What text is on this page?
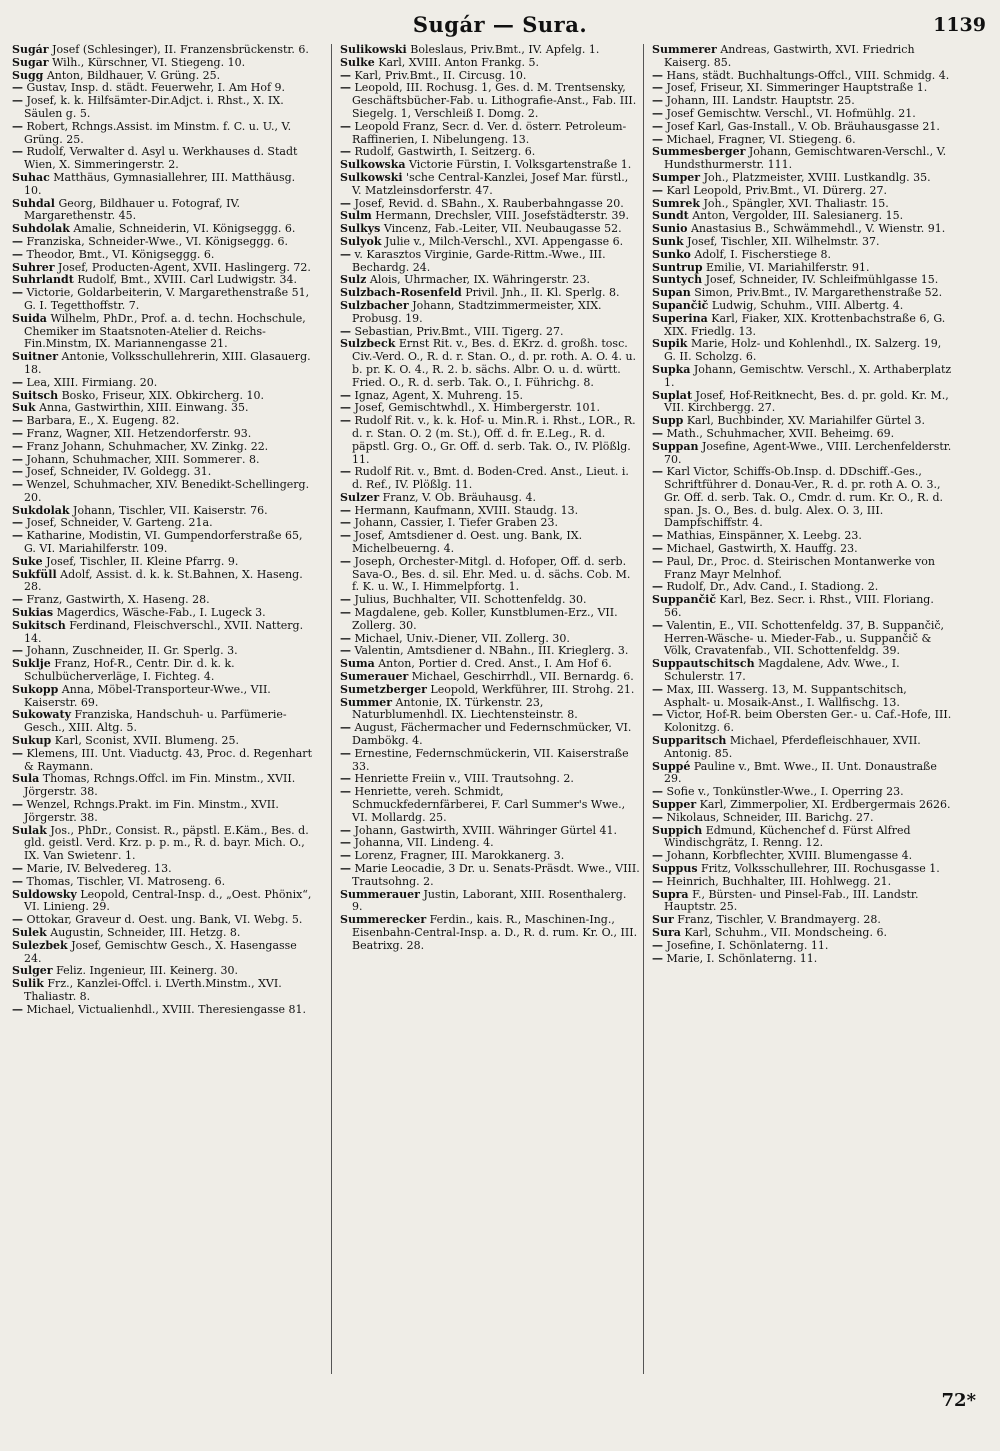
Sugár — Sura.	1139

Sugár Josef (Schlesinger), II. Franzensbrückenstr. 6.

Sugar Wilh., Kürschner, VI. Stiegeng. 10.

Sugg Anton, Bildhauer, V. Grüng. 25.

— Gustav, Insp. d. städt. Feuerwehr, I. Am Hof 9.

— Josef, k. k. Hilfsämter-Dir.Adjct. i. Rhst., X. IX. Säulen g. 5.

— Robert, Rchngs.Assist. im Minstm. f. C. u. U., V. Grüng. 25.

— Rudolf, Verwalter d. Asyl u. Werkhauses d. Stadt Wien, X. Simmeringerstr. 2.

Suhac Matthäus, Gymnasiallehrer, III. Matthäusg. 10.

Suhdal Georg, Bildhauer u. Fotograf, IV. Margarethenstr. 45.

Suhdolak Amalie, Schneiderin, VI. Königseggg. 6.

— Franziska, Schneider-Wwe., VI. Königseggg. 6.

— Theodor, Bmt., VI. Königseggg. 6.

Suhrer Josef, Producten-Agent, XVII. Haslingerg. 72.

Suhrlandt Rudolf, Bmt., XVIII. Carl Ludwigstr. 34.

— Victorie, Goldarbeiterin, V. Margarethenstraße 51, G. I. Tegetthoffstr. 7.

Suida Wilhelm, PhDr., Prof. a. d. techn. Hochschule, Chemiker im Staatsnoten-Atelier d. Reichs-Fin.Minstm, IX. Mariannengasse 21.

Suitner Antonie, Volksschullehrerin, XIII. Glasauerg. 18.

— Lea, XIII. Firmiang. 20.

Suitsch Bosko, Friseur, XIX. Obkircherg. 10.

Suk Anna, Gastwirthin, XIII. Einwang. 35.

— Barbara, E., X. Eugeng. 82.

— Franz, Wagner, XII. Hetzendorferstr. 93.

— Franz Johann, Schuhmacher, XV. Zinkg. 22.

— Johann, Schuhmacher, XIII. Sommerег. 8.

— Josef, Schneider, IV. Goldegg. 31.

— Wenzel, Schuhmacher, XIV. Benedikt-Schellingerg. 20.

Sukdolak Johann, Tischler, VII. Kaiserstr. 76.

— Josef, Schneider, V. Garteng. 21a.

— Katharine, Modistin, VI. Gumpendorferstraße 65, G. VI. Mariahilferstr. 109.

Suke Josef, Tischler, II. Kleine Pfarrg. 9.

Sukfüll Adolf, Assist. d. k. k. St.Bahnen, X. Haseng. 28.

— Franz, Gastwirth, X. Haseng. 28.

Sukias Magerdics, Wäsche-Fab., I. Lugeck 3.

Sukitsch Ferdinand, Fleischverschl., XVII. Natterg. 14.

— Johann, Zuschneider, II. Gr. Sperlg. 3.

Suklje Franz, Hof-R., Centr. Dir. d. k. k. Schulbücherverläge, I. Fichteg. 4.

Sukopp Anna, Möbel-Transporteur-Wwe., VII. Kaiserstr. 69.

Sukowaty Franziska, Handschuh- u. Parfümerie-Gesch., XIII. Altg. 5.

Sukup Karl, Sconist, XVII. Blumeng. 25.

— Klemens, III. Unt. Viaductg. 43, Proc. d. Regenhart & Raymann.

Sula Thomas, Rchngs.Offcl. im Fin. Minstm., XVII. Jörgerstr. 38.

— Wenzel, Rchngs.Prakt. im Fin. Minstm., XVII. Jörgerstr. 38.

Sulak Jos., PhDr., Consist. R., päpstl. E.Käm., Bes. d. gld. geistl. Verd. Krz. p. p. m., R. d. bayr. Mich. O., IX. Van Swietenг. 1.

— Marie, IV. Belvedereg. 13.

— Thomas, Tischler, VI. Matrosеng. 6.

Suldowsky Leopold, Central-Insp. d., „Oest. Phönix“, VI. Linieng. 29.

— Ottokar, Graveur d. Oest. ung. Bank, VI. Webg. 5.

Sulek Augustin, Schneider, III. Hetzg. 8.

Sulezbek Josef, Gemischtw Gesch., X. Hasengasse 24.

Sulger Feliz. Ingenieur, III. Keinerg. 30.

Sulik Frz., Kanzlei-Offcl. i. LVerth.Minstm., XVI. Thaliastr. 8.

— Michael, Victualienhdl., XVIII. Theresiengasse 81.

Sulikowski Boleslaus, Priv.Bmt., IV. Apfelg. 1.

Sulke Karl, XVIII. Anton Frankg. 5.

— Karl, Priv.Bmt., II. Circusg. 10.

— Leopold, III. Rochusg. 1, Ges. d. M. Trentsensky, Geschäftsbücher-Fab. u. Lithografie-Anst., Fab. III. Siegelg. 1, Verschleiß I. Domg. 2.

— Leopold Franz, Secr. d. Ver. d. österr. Petroleum-Raffinerien, I. Nibelungeng. 13.

— Rudolf, Gastwirth, I. Seitzerg. 6.

Sulkowska Victorie Fürstin, I. Volksgartenstraße 1.

Sulkowski 'sche Central-Kanzlei, Josef Mar. fürstl., V. Matzleinsdorferstr. 47.

— Josef, Revid. d. SBahn., X. Rauberbahngasse 20.

Sulm Hermann, Drechsler, VIII. Josefstädterstr. 39.

Sulkys Vincenz, Fab.-Leiter, VII. Neubaugasse 52.

Sulyok Julie v., Milch-Verschl., XVI. Appengasse 6.

— v. Karasztos Virginie, Garde-Rittm.-Wwe., III. Bechardg. 24.

Sulz Alois, Uhrmacher, IX. Währingerstr. 23.

Sulzbach-Rosenfeld Privil. Jnh., II. Kl. Sperlg. 8.

Sulzbacher Johann, Stadtzimmermeister, XIX. Probusg. 19.

— Sebastian, Priv.Bmt., VIII. Tigerg. 27.

Sulzbeck Ernst Rit. v., Bes. d. EKrz. d. großh. tosc. Civ.-Verd. O., R. d. r. Stan. O., d. pr. roth. A. O. 4. u. b. pr. K. O. 4., R. 2. b. sächs. Albr. O. u. d. württ. Fried. O., R. d. serb. Tak. O., I. Führichg. 8.

— Ignaz, Agent, X. Muhreng. 15.

— Josef, Gemischtwhdl., X. Himbergerstr. 101.

— Rudolf Rit. v., k. k. Hof- u. Min.R. i. Rhst., LOR., R. d. r. Stan. O. 2 (m. St.), Off. d. fr. E.Leg., R. d. päpstl. Grg. O., Gr. Off. d. serb. Tak. O., IV. Plößlg. 11.

— Rudolf Rit. v., Bmt. d. Boden-Cred. Anst., Lieut. i. d. Ref., IV. Plößlg. 11.

Sulzer Franz, V. Ob. Bräuhausg. 4.

— Hermann, Kaufmann, XVIII. Staudg. 13.

— Johann, Cassier, I. Tiefer Graben 23.

— Josef, Amtsdiener d. Oest. ung. Bank, IX. Michelbeuerng. 4.

— Joseph, Orchester-Mitgl. d. Hofoper, Off. d. serb. Sava-O., Bes. d. sil. Ehr. Med. u. d. sächs. Cob. M. f. K. u. W., I. Himmelpfortg. 1.

— Julius, Buchhalter, VII. Schottenfeldg. 30.

— Magdalene, geb. Koller, Kunstblumen-Erz., VII. Zollerg. 30.

— Michael, Univ.-Diener, VII. Zollerg. 30.

— Valentin, Amtsdiener d. NBahn., III. Krieglerg. 3.

Suma Anton, Portier d. Cred. Anst., I. Am Hof 6.

Sumerauer Michael, Geschirrhdl., VII. Bernardg. 6.

Sumetzberger Leopold, Werkführer, III. Strohg. 21.

Summer Antonie, IX. Türkenstr. 23, Naturblumenhdl. IX. Liechtensteinstr. 8.

— August, Fächermacher und Federnschmücker, VI. Dambökg. 4.

— Ernestine, Federnschmückerin, VII. Kaiserstraße 33.

— Henriette Freiin v., VIII. Trautsohng. 2.

— Henriette, vereh. Schmidt, Schmuckfedernfärberei, F. Carl Summer's Wwe., VI. Mollardg. 25.

— Johann, Gastwirth, XVIII. Währinger Gürtel 41.

— Johanna, VII. Lindeng. 4.

— Lorenz, Fragner, III. Marokkanerg. 3.

— Marie Leocadie, 3 Dr. u. Senats-Präsdt. Wwe., VIII. Trautsohng. 2.

Summerauer Justin, Laborant, XIII. Rosenthalerg. 9.

Summerecker Ferdin., kais. R., Maschinen-Ing., Eisenbahn-Central-Insp. a. D., R. d. rum. Kr. O., III. Beatrixg. 28.

Summerer Andreas, Gastwirth, XVI. Friedrich Kaiserg. 85.

— Hans, städt. Buchhaltungs-Offcl., VIII. Schmidg. 4.

— Josef, Friseur, XI. Simmeringer Hauptstraße 1.

— Johann, III. Landstr. Hauptstr. 25.

— Josef Gemischtw. Verschl., VI. Hofmühlg. 21.

— Josef Karl, Gas-Install., V. Ob. Bräuhausgasse 21.

— Michael, Fragner, VI. Stiegeng. 6.

Summesberger Johann, Gemischtwaren-Verschl., V. Hundsthurmerstr. 111.

Sumper Joh., Platzmeister, XVIII. Lustkandlg. 35.

— Karl Leopold, Priv.Bmt., VI. Dürerg. 27.

Sumrek Joh., Spängler, XVI. Thaliastr. 15.

Sundt Anton, Vergolder, III. Salesianerg. 15.

Sunio Anastasius B., Schwämmehdl., V. Wienstr. 91.

Sunk Josef, Tischler, XII. Wilhelmstr. 37.

Sunko Adolf, I. Fischerstiege 8.

Suntrup Emilie, VI. Mariahilferstr. 91.

Suntych Josef, Schneider, IV. Schleifmühlgasse 15.

Supan Simon, Priv.Bmt., IV. Margarethenstraße 52.

Supančič Ludwig, Schuhm., VIII. Albertg. 4.

Superina Karl, Fiaker, XIX. Krottenbachstraße 6, G. XIX. Friedlg. 13.

Supik Marie, Holz- und Kohlenhdl., IX. Salzerg. 19, G. II. Scholzg. 6.

Supka Johann, Gemischtw. Verschl., X. Arthaberplatz 1.

Suplat Josef, Hof-Reitknecht, Bes. d. pr. gold. Kr. M., VII. Kirchbergg. 27.

Supp Karl, Buchbinder, XV. Mariahilfer Gürtel 3.

— Math., Schuhmacher, XVII. Beheimg. 69.

Suppan Josefine, Agent-Wwe., VIII. Lerchenfelderstr. 70.

— Karl Victor, Schiffs-Ob.Insp. d. DDschiff.-Ges., Schriftführer d. Donau-Ver., R. d. pr. roth A. O. 3., Gr. Off. d. serb. Tak. O., Cmdr. d. rum. Kr. O., R. d. span. Js. O., Bes. d. bulg. Alex. O. 3, III. Dampfschiffstr. 4.

— Mathias, Einspänner, X. Leebg. 23.

— Michael, Gastwirth, X. Hauffg. 23.

— Paul, Dr., Proc. d. Steirischen Montanwerke von Franz Mayr Melnhof.

— Rudolf, Dr., Adv. Cand., I. Stadiong. 2.

Suppančič Karl, Bez. Secr. i. Rhst., VIII. Floriang. 56.

— Valentin, E., VII. Schottenfeldg. 37, B. Suppančič, Herren-Wäsche- u. Mieder-Fab., u. Suppančič & Völk, Cravatenfab., VII. Schottenfeldg. 39.

Suppautschitsch Magdalene, Adv. Wwe., I. Schulerstr. 17.

— Max, III. Wasserg. 13, M. Suppantschitsch, Asphalt- u. Mosaik-Anst., I. Wallfischg. 13.

— Victor, Hof-R. beim Obersten Ger.- u. Caf.-Hofe, III. Kolonitzg. 6.

Supparitsch Michael, Pferdefleischhauer, XVII. Antonig. 85.

Suppé Pauline v., Bmt. Wwe., II. Unt. Donaustraße 29.

— Sofie v., Tonkünstler-Wwe., I. Operring 23.

Supper Karl, Zimmerpolier, XI. Erdbergermais 2626.

— Nikolaus, Schneider, III. Barichg. 27.

Suppich Edmund, Küchenchef d. Fürst Alfred Windischgrätz, I. Renng. 12.

— Johann, Korbflechter, XVIII. Blumengasse 4.

Suppus Fritz, Volksschullehrer, III. Rochusgasse 1.

— Heinrich, Buchhalter, III. Hohlwegg. 21.

Supra F., Bürsten- und Pinsel-Fab., III. Landstr. Hauptstr. 25.

Sur Franz, Tischler, V. Brandmayerg. 28.

Sura Karl, Schuhm., VII. Mondscheing. 6.

— Josefine, I. Schönlaterng. 11.

— Marie, I. Schönlaterng. 11.

72*
